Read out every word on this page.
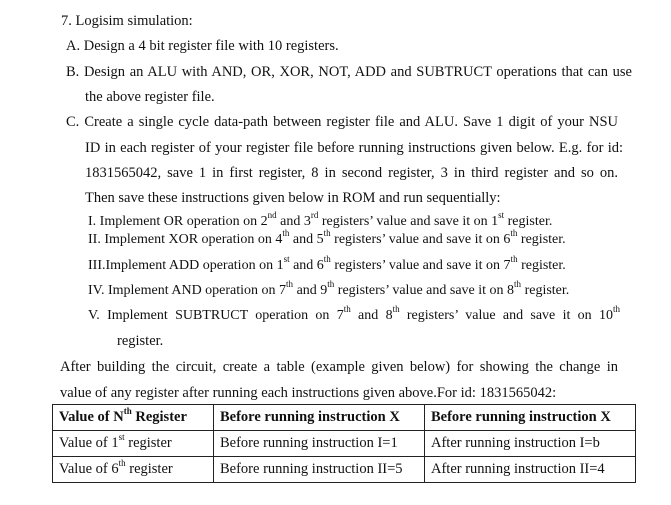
7. Logisim simulation:
A. Design a 4 bit register file with 10 registers.
B. Design an ALU with AND, OR, XOR, NOT, ADD and SUBTRUCT operations that can use
the above register file.
C. Create a single cycle data-path between register file and ALU. Save 1 digit of your NSU
ID in each register of your register file before running instructions given below. E.g. for id:
1831565042, save 1 in first register, 8 in second register, 3 in third register and so on.
Then save these instructions given below in ROM and run sequentially:
I. Implement OR operation on 2nd and 3rd registers’ value and save it on 1st register.
II. Implement XOR operation on 4th and 5th registers’ value and save it on 6th register.
III.Implement ADD operation on 1st and 6th registers’ value and save it on 7th register.
IV. Implement AND operation on 7th and 9th registers’ value and save it on 8th register.
V. Implement SUBTRUCT operation on 7th and 8th registers’ value and save it on 10th
register.
After building the circuit, create a table (example given below) for showing the change in
value of any register after running each instructions given above.For id: 1831565042:
Value of $N^{th}$ Register	Before running instruction X	Before running instruction X
Value of 1st register	Before running instruction I=1	After running instruction I=b
Value of 6th register	Before running instruction II=5	After running instruction II=4
